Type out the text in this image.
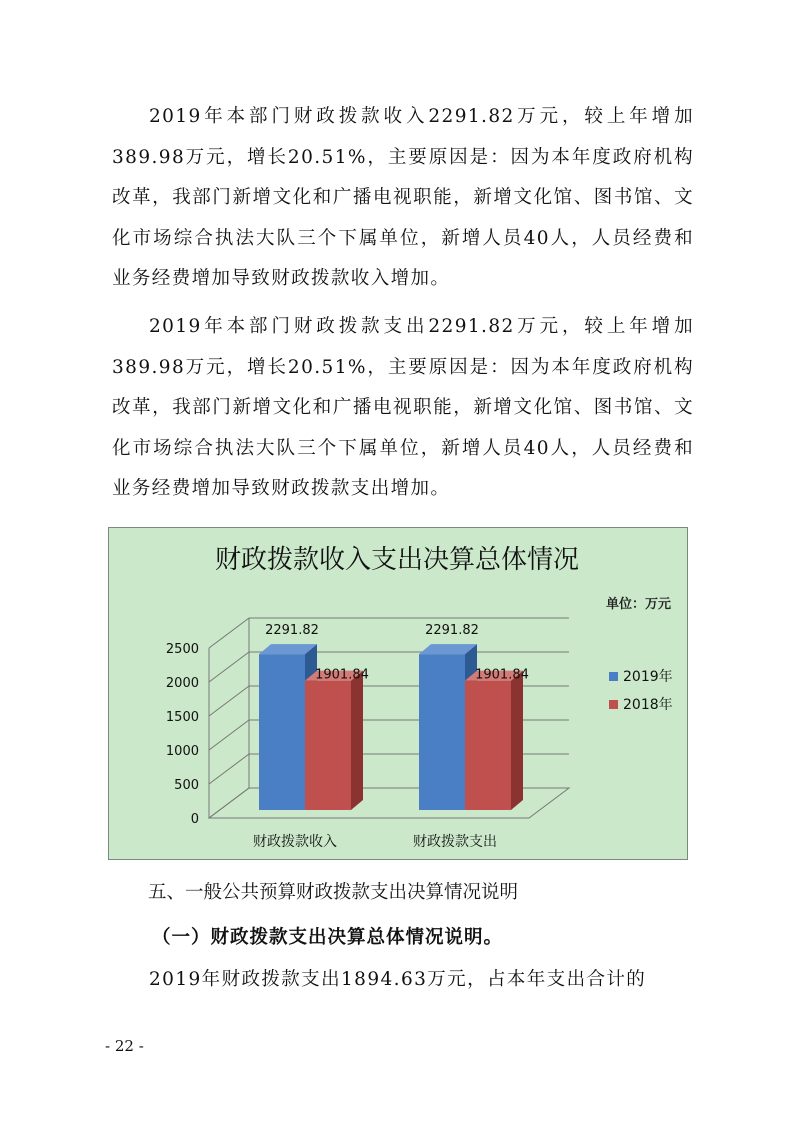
2019年本部门财政拨款收入2291.82万元，较上年增加389.98万元，增长20.51%，主要原因是：因为本年度政府机构改革，我部门新增文化和广播电视职能，新增文化馆、图书馆、文化市场综合执法大队三个下属单位，新增人员40人，人员经费和业务经费增加导致财政拨款收入增加。

2019年本部门财政拨款支出2291.82万元，较上年增加389.98万元，增长20.51%，主要原因是：因为本年度政府机构改革，我部门新增文化和广播电视职能，新增文化馆、图书馆、文化市场综合执法大队三个下属单位，新增人员40人，人员经费和业务经费增加导致财政拨款支出增加。

财政拨款收入支出决算总体情况
单位：万元
0
500
1000
1500
2000
2500
2291.82
1901.84
财政拨款收入
2291.82
1901.84
财政拨款支出
2019年
2018年

五、一般公共预算财政拨款支出决算情况说明

（一）财政拨款支出决算总体情况说明。

2019年财政拨款支出1894.63万元，占本年支出合计的

- 22 -
